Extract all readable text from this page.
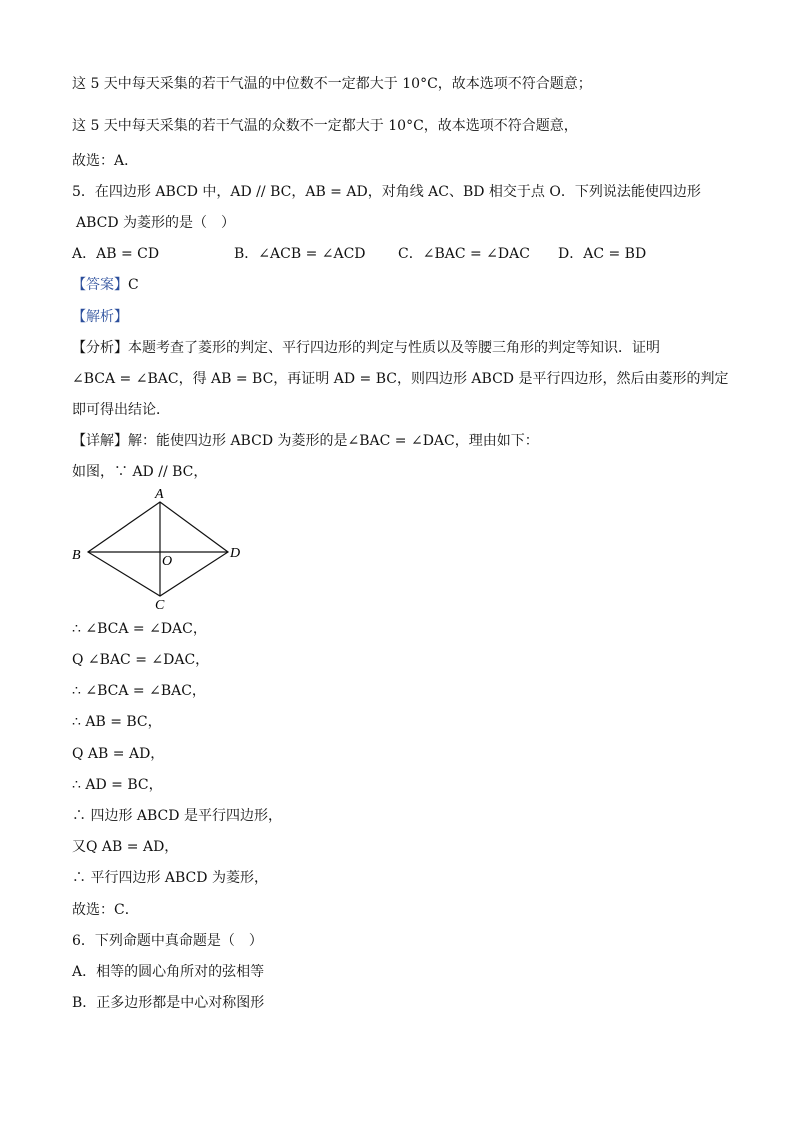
这 5 天中每天采集的若干气温的中位数不一定都大于 10°C，故本选项不符合题意；
这 5 天中每天采集的若干气温的众数不一定都大于 10°C，故本选项不符合题意，
故选：A．
5．在四边形 ABCD 中，AD // BC，AB = AD，对角线 AC、BD 相交于点 O．下列说法能使四边形
ABCD 为菱形的是（　）
A．AB = CD	B．∠ACB = ∠ACD C．∠BAC = ∠DAC D．AC = BD
【答案】C
【解析】
【分析】本题考查了菱形的判定、平行四边形的判定与性质以及等腰三角形的判定等知识．证明
∠BCA = ∠BAC，得 AB = BC，再证明 AD = BC，则四边形 ABCD 是平行四边形，然后由菱形的判定
即可得出结论．
【详解】解：能使四边形 ABCD 为菱形的是∠BAC = ∠DAC，理由如下：
如图，∵ AD // BC，
A
B
C
D
O
∴ ∠BCA = ∠DAC，
Q ∠BAC = ∠DAC，
∴ ∠BCA = ∠BAC，
∴ AB = BC，
Q AB = AD，
∴ AD = BC，
∴ 四边形 ABCD 是平行四边形，
又Q AB = AD，
∴ 平行四边形 ABCD 为菱形，
故选：C．
6．下列命题中真命题是（　）
A．相等的圆心角所对的弦相等
B．正多边形都是中心对称图形
